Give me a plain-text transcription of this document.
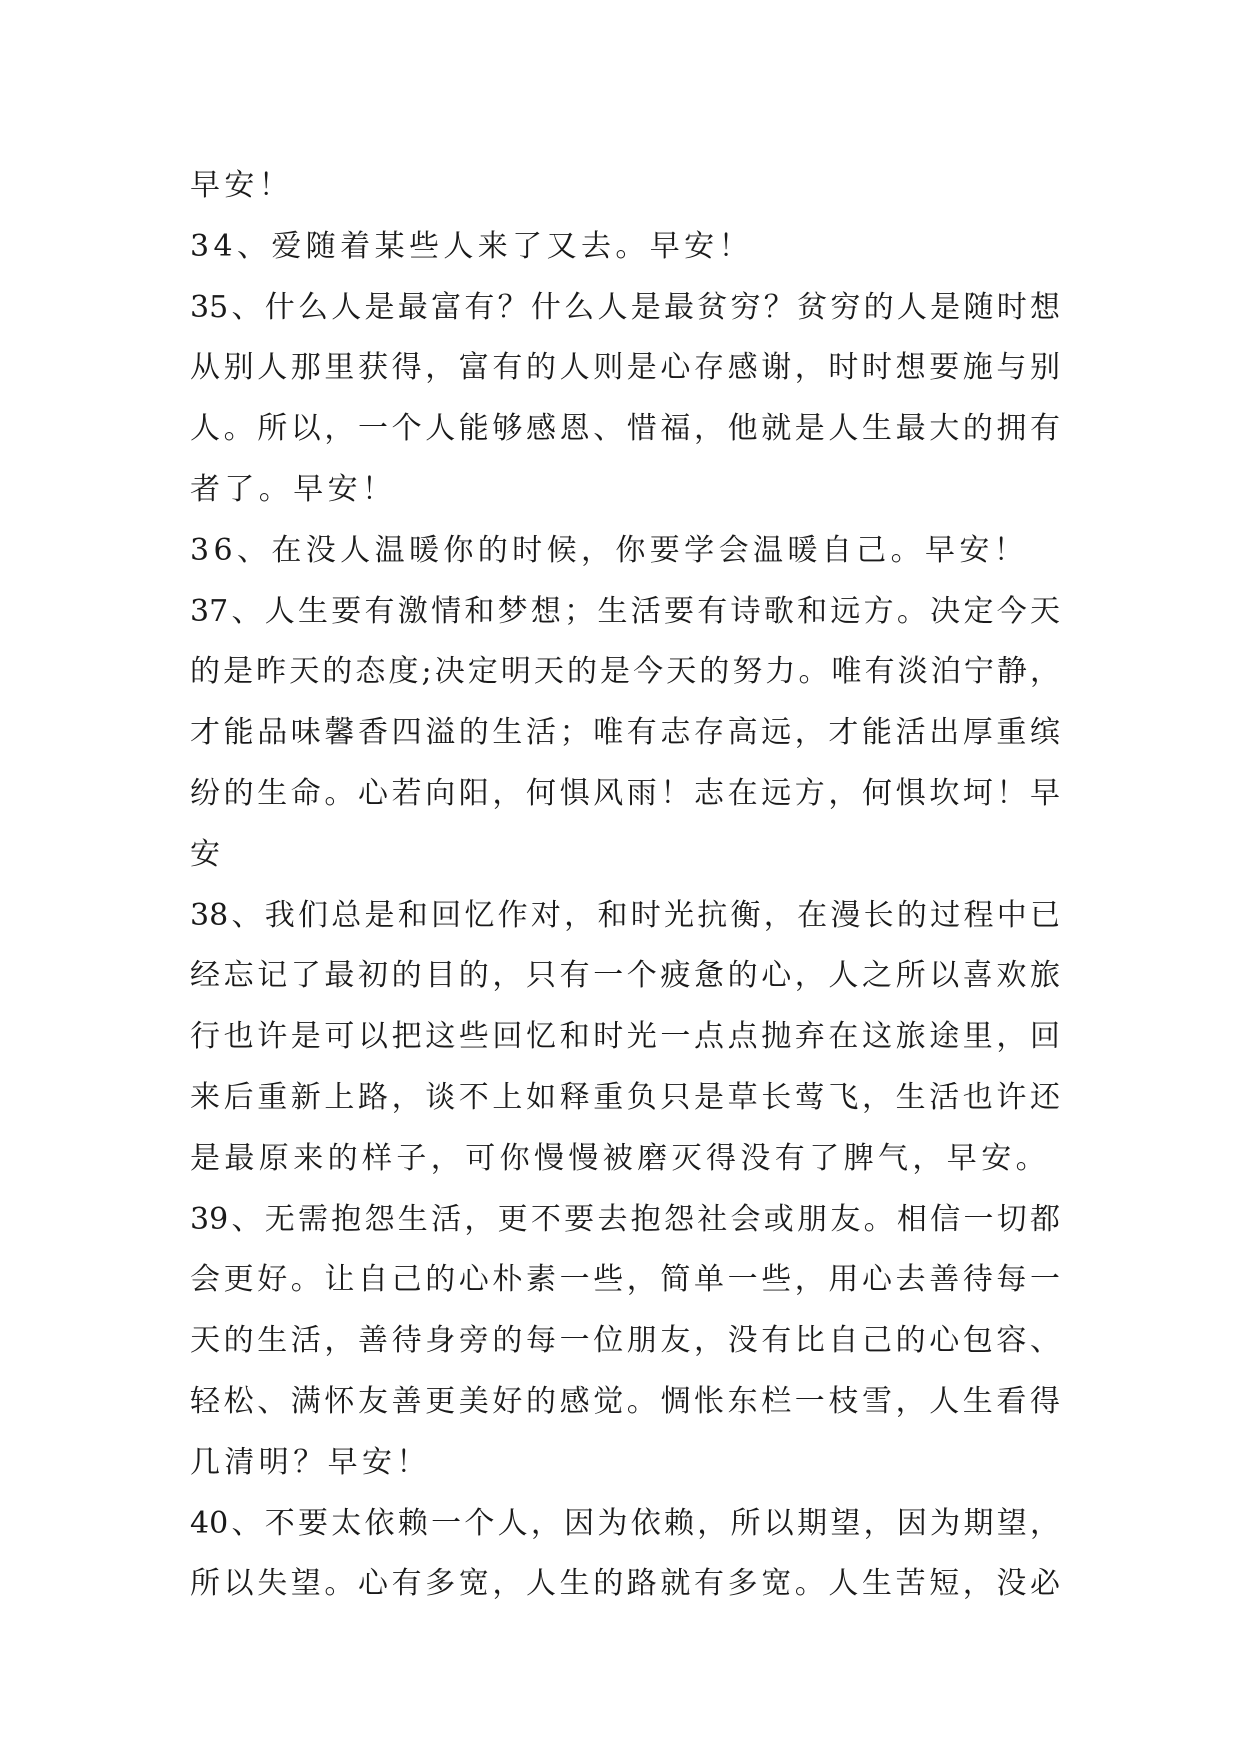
早安！
34、爱随着某些人来了又去。早安！
35、什么人是最富有？什么人是最贫穷？贫穷的人是随时想
从别人那里获得，富有的人则是心存感谢，时时想要施与别
人。所以，一个人能够感恩、惜福，他就是人生最大的拥有
者了。早安！
36、在没人温暖你的时候，你要学会温暖自己。早安！
37、人生要有激情和梦想；生活要有诗歌和远方。决定今天
的是昨天的态度;决定明天的是今天的努力。唯有淡泊宁静，
才能品味馨香四溢的生活；唯有志存高远，才能活出厚重缤
纷的生命。心若向阳，何惧风雨！志在远方，何惧坎坷！早
安
38、我们总是和回忆作对，和时光抗衡，在漫长的过程中已
经忘记了最初的目的，只有一个疲惫的心，人之所以喜欢旅
行也许是可以把这些回忆和时光一点点抛弃在这旅途里，回
来后重新上路，谈不上如释重负只是草长莺飞，生活也许还
是最原来的样子，可你慢慢被磨灭得没有了脾气，早安。
39、无需抱怨生活，更不要去抱怨社会或朋友。相信一切都
会更好。让自己的心朴素一些，简单一些，用心去善待每一
天的生活，善待身旁的每一位朋友，没有比自己的心包容、
轻松、满怀友善更美好的感觉。惆怅东栏一枝雪，人生看得
几清明？早安！
40、不要太依赖一个人，因为依赖，所以期望，因为期望，
所以失望。心有多宽，人生的路就有多宽。人生苦短，没必
